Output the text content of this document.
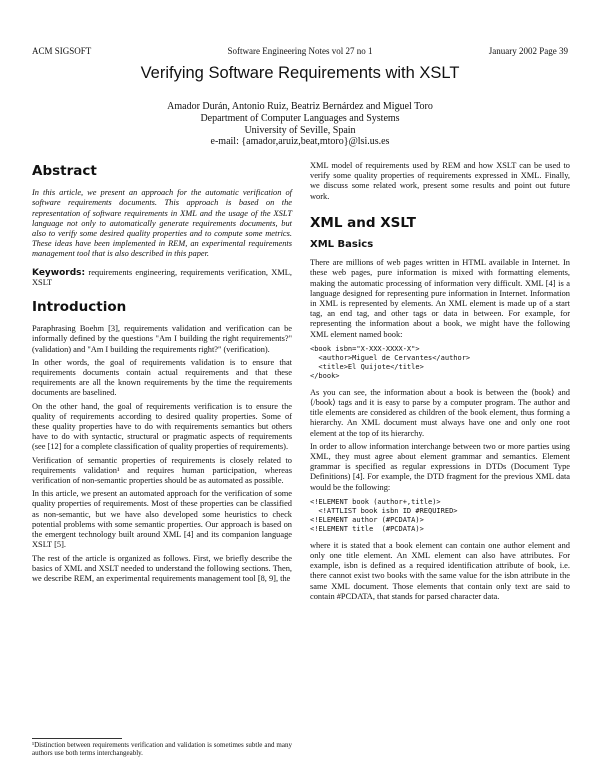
ACM SIGSOFT	Software Engineering Notes vol 27 no 1	January 2002 Page 39
Verifying Software Requirements with XSLT
Amador Durán, Antonio Ruiz, Beatriz Bernárdez and Miguel Toro
Department of Computer Languages and Systems
University of Seville, Spain
e-mail: {amador,aruiz,beat,mtoro}@lsi.us.es
Abstract

In this article, we present an approach for the automatic verification of software requirements documents. This approach is based on the representation of software requirements in XML and the usage of the XSLT language not only to automatically generate requirements documents, but also to verify some desired quality properties and to compute some metrics. These ideas have been implemented in REM, an experimental requirements management tool that is also described in this paper.

Keywords: requirements engineering, requirements verification, XML, XSLT

Introduction

Paraphrasing Boehm [3], requirements validation and verification can be informally defined by the questions "Am I building the right requirements?" (validation) and "Am I building the requirements right?" (verification).

In other words, the goal of requirements validation is to ensure that requirements documents contain actual requirements and that these requirements are all the known requirements by the time the requirements documents are baselined.

On the other hand, the goal of requirements verification is to ensure the quality of requirements according to desired quality properties. Some of these quality properties have to do with requirements semantics but others have to do with syntactic, structural or pragmatic aspects of requirements (see [12] for a complete classification of quality properties of requirements).

Verification of semantic properties of requirements is closely related to requirements validation¹ and requires human participation, whereas verification of non-semantic properties should be as automated as possible.

In this article, we present an automated approach for the verification of some quality properties of requirements. Most of these properties can be classified as non-semantic, but we have also developed some heuristics to check potential problems with some semantic properties. Our approach is based on the emergent technology built around XML [4] and its companion language XSLT [5].

The rest of the article is organized as follows. First, we briefly describe the basics of XML and XSLT needed to understand the following sections. Then, we describe REM, an experimental requirements management tool [8, 9], the

¹Distinction between requirements verification and validation is sometimes subtle and many authors use both terms interchangeably.

XML model of requirements used by REM and how XSLT can be used to verify some quality properties of requirements expressed in XML. Finally, we discuss some related work, present some results and point out future work.

XML and XSLT
XML Basics

There are millions of web pages written in HTML available in Internet. In these web pages, pure information is mixed with formatting elements, making the automatic processing of information very difficult. XML [4] is a language designed for representing pure information in Internet. Information in XML is represented by elements. An XML element is made up of a start tag, an end tag, and other tags or data in between. For example, for representing the information about a book, we might have the following XML element named book:

<book isbn="X-XXX-XXXX-X">
<author>Miguel de Cervantes</author>
<title>El Quijote</title>
</book>

As you can see, the information about a book is between the ⟨book⟩ and ⟨/book⟩ tags and it is easy to parse by a computer program. The author and title elements are considered as children of the book element, thus forming a hierarchy. An XML document must always have one and only one root element at the top of its hierarchy.

In order to allow information interchange between two or more parties using XML, they must agree about element grammar and semantics. Element grammar is specified as regular expressions in DTDs (Document Type Definitions) [4]. For example, the DTD fragment for the previous XML data would be the following:

<!ELEMENT book (author+,title)>
<!ATTLIST book isbn ID #REQUIRED>
<!ELEMENT author (#PCDATA)>
<!ELEMENT title  (#PCDATA)>

where it is stated that a book element can contain one author element and only one title element. An XML element can also have attributes. For example, isbn is defined as a required identification attribute of book, i.e. there cannot exist two books with the same value for the isbn attribute in the same XML document. Those elements that contain only text are said to contain #PCDATA, that stands for parsed character data.
